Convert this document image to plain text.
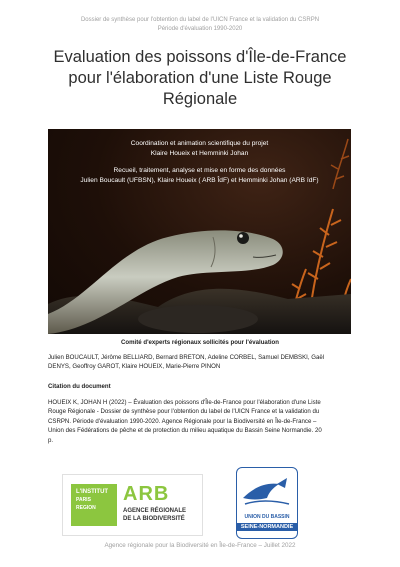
Dossier de synthèse pour l'obtention du label de l'UICN France et la validation du CSRPN
Période d'évaluation 1990-2020
Evaluation des poissons d'Île-de-France
pour l'élaboration d'une Liste Rouge
Régionale
Coordination et animation scientifique du projet
Klaire Houeix et Hemminki Johan
Recueil, traitement, analyse et mise en forme des données
Julien Boucault (UFBSN), Klaire Houeix ( ARB ÎdF) et Hemminki Johan (ARB îdF)
Comité d'experts régionaux sollicités pour l'évaluation
Julien BOUCAULT, Jérôme BELLIARD, Bernard BRETON, Adeline CORBEL, Samuel DEMBSKI, Gaël
DENYS, Geoffroy GAROT, Klaire HOUEIX, Marie-Pierre PINON
Citation du document
HOUEIX K, JOHAN H (2022) – Évaluation des poissons d'Île-de-France pour l'élaboration d'une Liste
Rouge Régionale - Dossier de synthèse pour l'obtention du label de l'UICN France et la validation du
CSRPN. Période d'évaluation 1990-2020. Agence Régionale pour la Biodiversité en Île-de-France –
Union des Fédérations de pêche et de protection du milieu aquatique du Bassin Seine Normandie. 20
p.
L'INSTITUT
PARIS
REGION
ARB
AGENCE RÉGIONALE
DE LA BIODIVERSITÉ	UNION DU BASSIN
SEINE-NORMANDIE
Agence régionale pour la Biodiversité en Île-de-France – Juillet 2022
